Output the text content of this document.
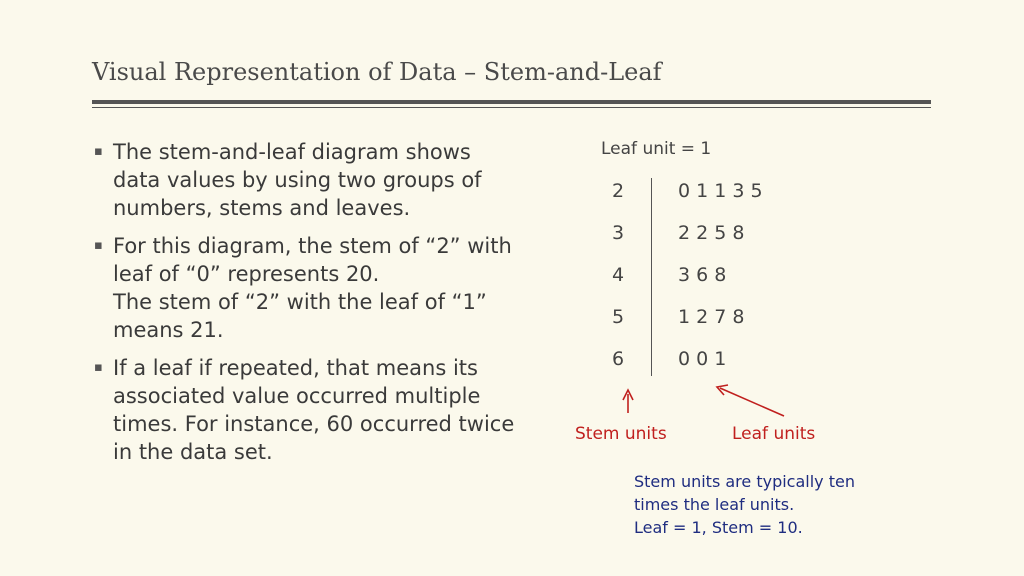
Visual Representation of Data – Stem-and-Leaf
▪ The stem-and-leaf diagram shows data values by using two groups of numbers, stems and leaves.
▪ For this diagram, the stem of “2” with leaf of “0” represents 20.
The stem of “2” with the leaf of “1” means 21.
▪ If a leaf if repeated, that means its associated value occurred multiple times. For instance, 60 occurred twice in the data set.
Leaf unit = 1
2	0 1 1 3 5
3	2 2 5 8
4	3 6 8
5	1 2 7 8
6	0 0 1
Stem units	Leaf units
Stem units are typically ten
times the leaf units.
Leaf = 1, Stem = 10.
